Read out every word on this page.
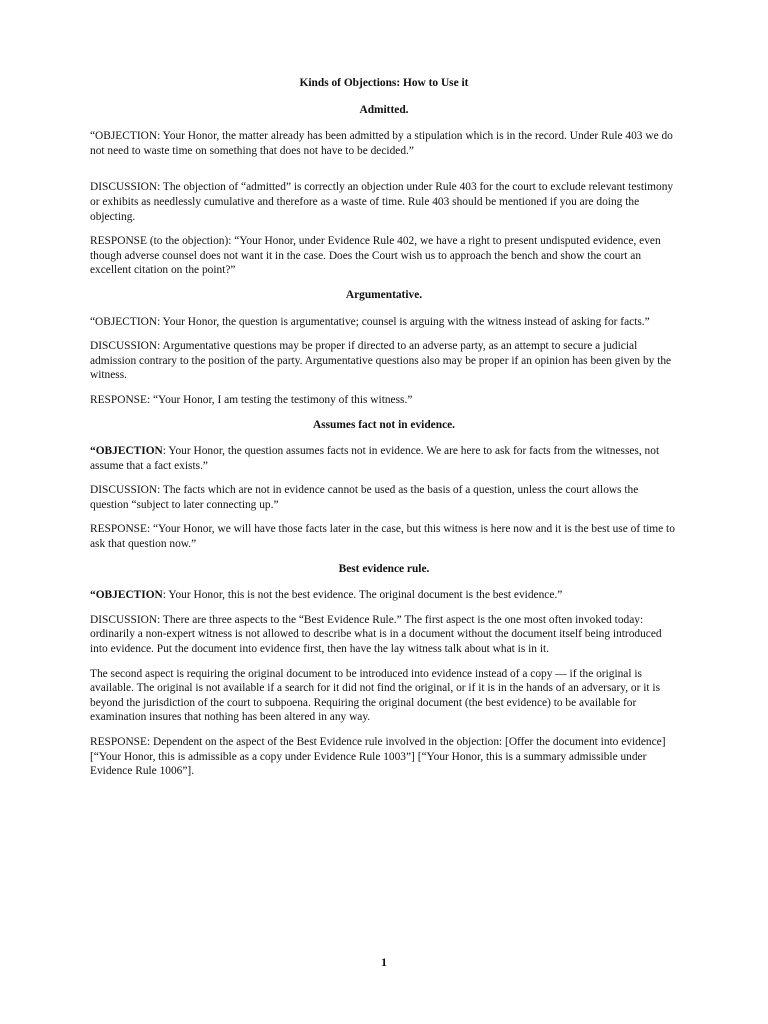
Kinds of Objections: How to Use it
Admitted.

“OBJECTION: Your Honor, the matter already has been admitted by a stipulation which is in the record. Under Rule 403 we do not need to waste time on something that does not have to be decided.”

DISCUSSION: The objection of “admitted” is correctly an objection under Rule 403 for the court to exclude relevant testimony or exhibits as needlessly cumulative and therefore as a waste of time. Rule 403 should be mentioned if you are doing the objecting.

RESPONSE (to the objection): “Your Honor, under Evidence Rule 402, we have a right to present undisputed evidence, even though adverse counsel does not want it in the case. Does the Court wish us to approach the bench and show the court an excellent citation on the point?”

Argumentative.

“OBJECTION: Your Honor, the question is argumentative; counsel is arguing with the witness instead of asking for facts.”

DISCUSSION: Argumentative questions may be proper if directed to an adverse party, as an attempt to secure a judicial admission contrary to the position of the party. Argumentative questions also may be proper if an opinion has been given by the witness.

RESPONSE: “Your Honor, I am testing the testimony of this witness.”

Assumes fact not in evidence.

“OBJECTION: Your Honor, the question assumes facts not in evidence. We are here to ask for facts from the witnesses, not assume that a fact exists.”

DISCUSSION: The facts which are not in evidence cannot be used as the basis of a question, unless the court allows the question “subject to later connecting up.”

RESPONSE: “Your Honor, we will have those facts later in the case, but this witness is here now and it is the best use of time to ask that question now.”

Best evidence rule.

“OBJECTION: Your Honor, this is not the best evidence. The original document is the best evidence.”

DISCUSSION: There are three aspects to the “Best Evidence Rule.” The first aspect is the one most often invoked today: ordinarily a non-expert witness is not allowed to describe what is in a document without the document itself being introduced into evidence. Put the document into evidence first, then have the lay witness talk about what is in it.

The second aspect is requiring the original document to be introduced into evidence instead of a copy — if the original is available. The original is not available if a search for it did not find the original, or if it is in the hands of an adversary, or it is beyond the jurisdiction of the court to subpoena. Requiring the original document (the best evidence) to be available for examination insures that nothing has been altered in any way.

RESPONSE: Dependent on the aspect of the Best Evidence rule involved in the objection: [Offer the document into evidence] [“Your Honor, this is admissible as a copy under Evidence Rule 1003”] [“Your Honor, this is a summary admissible under Evidence Rule 1006”].

1
